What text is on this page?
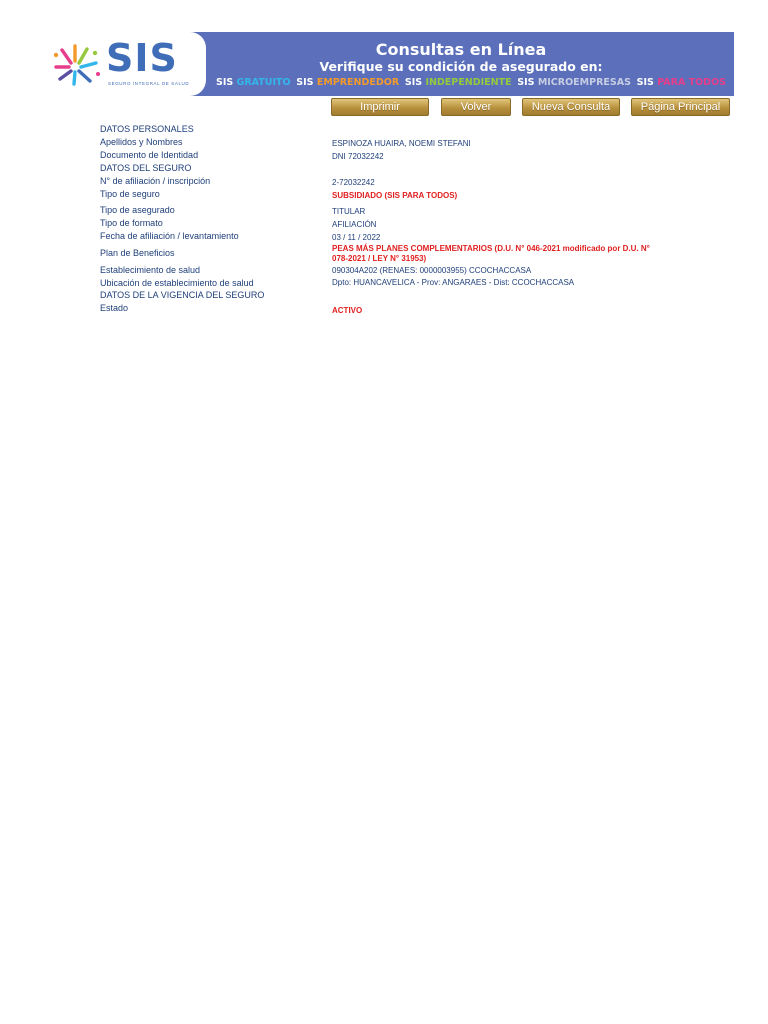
SIS
SEGURO INTEGRAL DE SALUD
Consultas en Línea
Verifique su condición de asegurado en:
SIS GRATUITO SIS EMPRENDEDOR SIS INDEPENDIENTE SIS MICROEMPRESAS SIS PARA TODOS
Imprimir	Volver	Nueva Consulta	Página Principal
DATOS PERSONALES
Apellidos y Nombres	ESPINOZA HUAIRA, NOEMI STEFANI
Documento de Identidad	DNI 72032242
DATOS DEL SEGURO
N° de afiliación / inscripción	2-72032242
Tipo de seguro	SUBSIDIADO (SIS PARA TODOS)
Tipo de asegurado	TITULAR
Tipo de formato	AFILIACIÓN
Fecha de afiliación / levantamiento	03 / 11 / 2022
Plan de Beneficios	PEAS MÁS PLANES COMPLEMENTARIOS (D.U. N° 046-2021 modificado por D.U. N° 078-2021 / LEY N° 31953)
Establecimiento de salud	090304A202 (RENAES: 0000003955) CCOCHACCASA
Ubicación de establecimiento de salud	Dpto: HUANCAVELICA - Prov: ANGARAES - Dist: CCOCHACCASA
DATOS DE LA VIGENCIA DEL SEGURO
Estado	ACTIVO
